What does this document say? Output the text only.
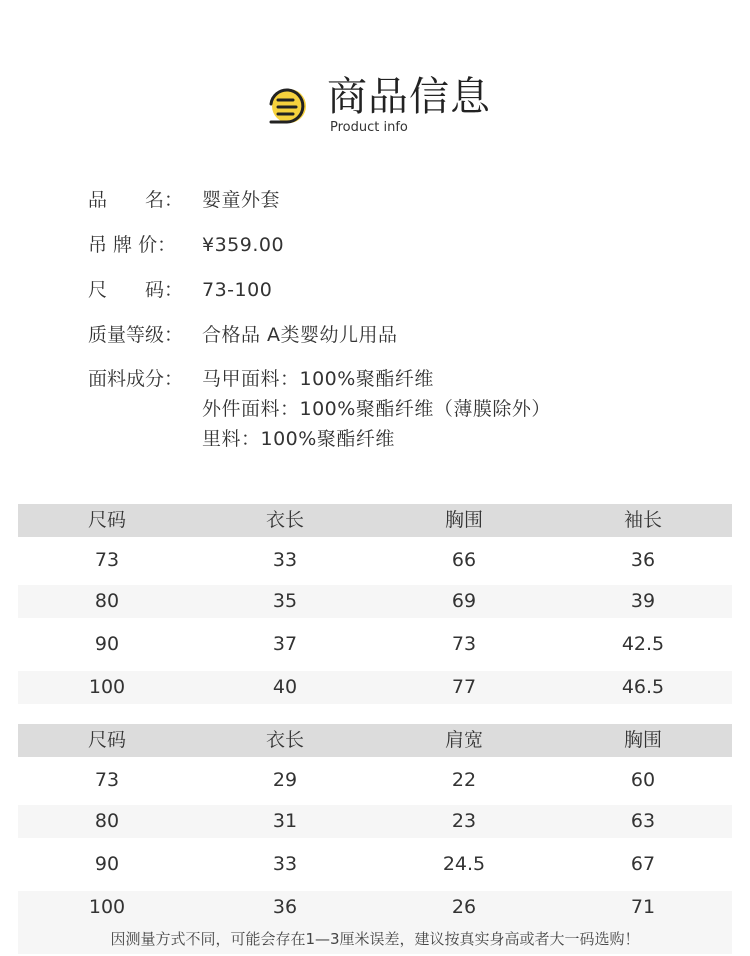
商品信息
Product info
品　　名： 婴童外套
吊 牌 价：	¥359.00
尺　　码： 73-100
质量等级： 合格品 A类婴幼儿用品
面料成分： 马甲面料：100%聚酯纤维
外件面料：100%聚酯纤维（薄膜除外）
里料：100%聚酯纤维
尺码	衣长	胸围	袖长
73	33	66	36
80	35	69	39
90	37	73	42.5
100	40	77	46.5
尺码	衣长	肩宽	胸围
73	29	22	60
80	31	23	63
90	33	24.5	67
100	36	26	71
因测量方式不同，可能会存在1—3厘米误差，建议按真实身高或者大一码选购！
